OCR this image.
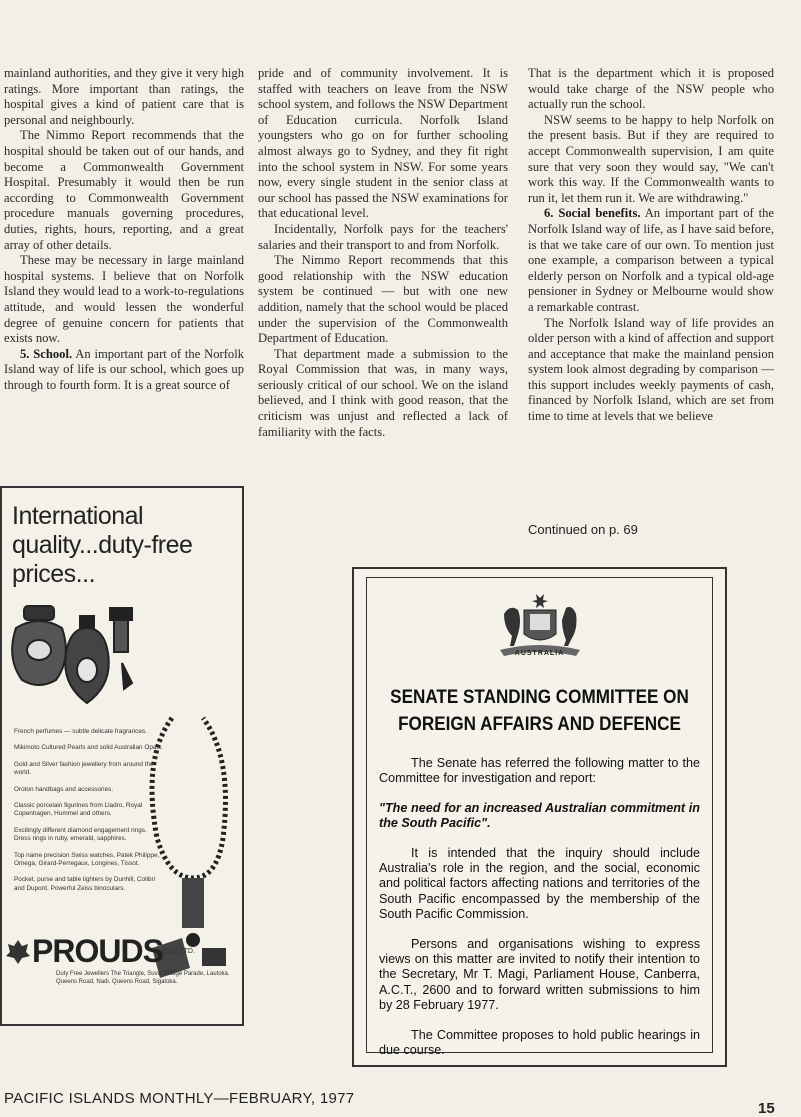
mainland authorities, and they give it very high ratings. More important than ratings, the hospital gives a kind of patient care that is personal and neighbourly.

The Nimmo Report recommends that the hospital should be taken out of our hands, and become a Commonwealth Government Hospital. Presumably it would then be run according to Commonwealth Government procedure manuals governing procedures, duties, rights, hours, reporting, and a great array of other details.

These may be necessary in large mainland hospital systems. I believe that on Norfolk Island they would lead to a work-to-regulations attitude, and would lessen the wonderful degree of genuine concern for patients that exists now.

5. School. An important part of the Norfolk Island way of life is our school, which goes up through to fourth form. It is a great source of

pride and of community involvement. It is staffed with teachers on leave from the NSW school system, and follows the NSW Department of Education curricula. Norfolk Island youngsters who go on for further schooling almost always go to Sydney, and they fit right into the school system in NSW. For some years now, every single student in the senior class at our school has passed the NSW examinations for that educational level.

Incidentally, Norfolk pays for the teachers' salaries and their transport to and from Norfolk.

The Nimmo Report recommends that this good relationship with the NSW education system be continued — but with one new addition, namely that the school would be placed under the supervision of the Commonwealth Department of Education.

That department made a submission to the Royal Commission that was, in many ways, seriously critical of our school. We on the island believed, and I think with good reason, that the criticism was unjust and reflected a lack of familiarity with the facts.

That is the department which it is proposed would take charge of the NSW people who actually run the school.

NSW seems to be happy to help Norfolk on the present basis. But if they are required to accept Commonwealth supervision, I am quite sure that very soon they would say, "We can't work this way. If the Commonwealth wants to run it, let them run it. We are withdrawing."

6. Social benefits. An important part of the Norfolk Island way of life, as I have said before, is that we take care of our own. To mention just one example, a comparison between a typical elderly person on Norfolk and a typical old-age pensioner in Sydney or Melbourne would show a remarkable contrast.

The Norfolk Island way of life provides an older person with a kind of affection and support and acceptance that make the mainland pension system look almost degrading by comparison — this support includes weekly payments of cash, financed by Norfolk Island, which are set from time to time at levels that we believe

Continued on p. 69
International
quality...duty-free
prices...
French perfumes — subtle delicate fragrances.
Mikimoto Cultured Pearls and solid Australian Opals.
Gold and Silver fashion jewellery from around the world.
Oroton handbags and accessories.
Classic porcelain figurines from Lladro, Royal Copenhagen, Hummel and others.
Excitingly different diamond engagement rings. Dress rings in ruby, emerald, sapphires.
Top name precision Swiss watches, Patek Philippe, Omega, Girard-Perregaux, Longines, Tissot.
Pocket, purse and table lighters by Dunhill, Colibri and Dupont. Powerful Zeiss binoculars.
PROUDS (FIJI) LTD.
Duty Free Jewellers The Triangle, Suva. Village Parade, Lautoka. Queens Road, Nadi. Queens Road, Sigatoka.
AUSTRALIA
SENATE STANDING COMMITTEE ON
FOREIGN AFFAIRS AND DEFENCE

The Senate has referred the following matter to the Committee for investigation and report:

"The need for an increased Australian commitment in the South Pacific".

It is intended that the inquiry should include Australia's role in the region, and the social, economic and political factors affecting nations and territories of the South Pacific encompassed by the membership of the South Pacific Commission.

Persons and organisations wishing to express views on this matter are invited to notify their intention to the Secretary, Mr T. Magi, Parliament House, Canberra, A.C.T., 2600 and to forward written submissions to him by 28 February 1977.

The Committee proposes to hold public hearings in due course.

PACIFIC ISLANDS MONTHLY—FEBRUARY, 1977
15
